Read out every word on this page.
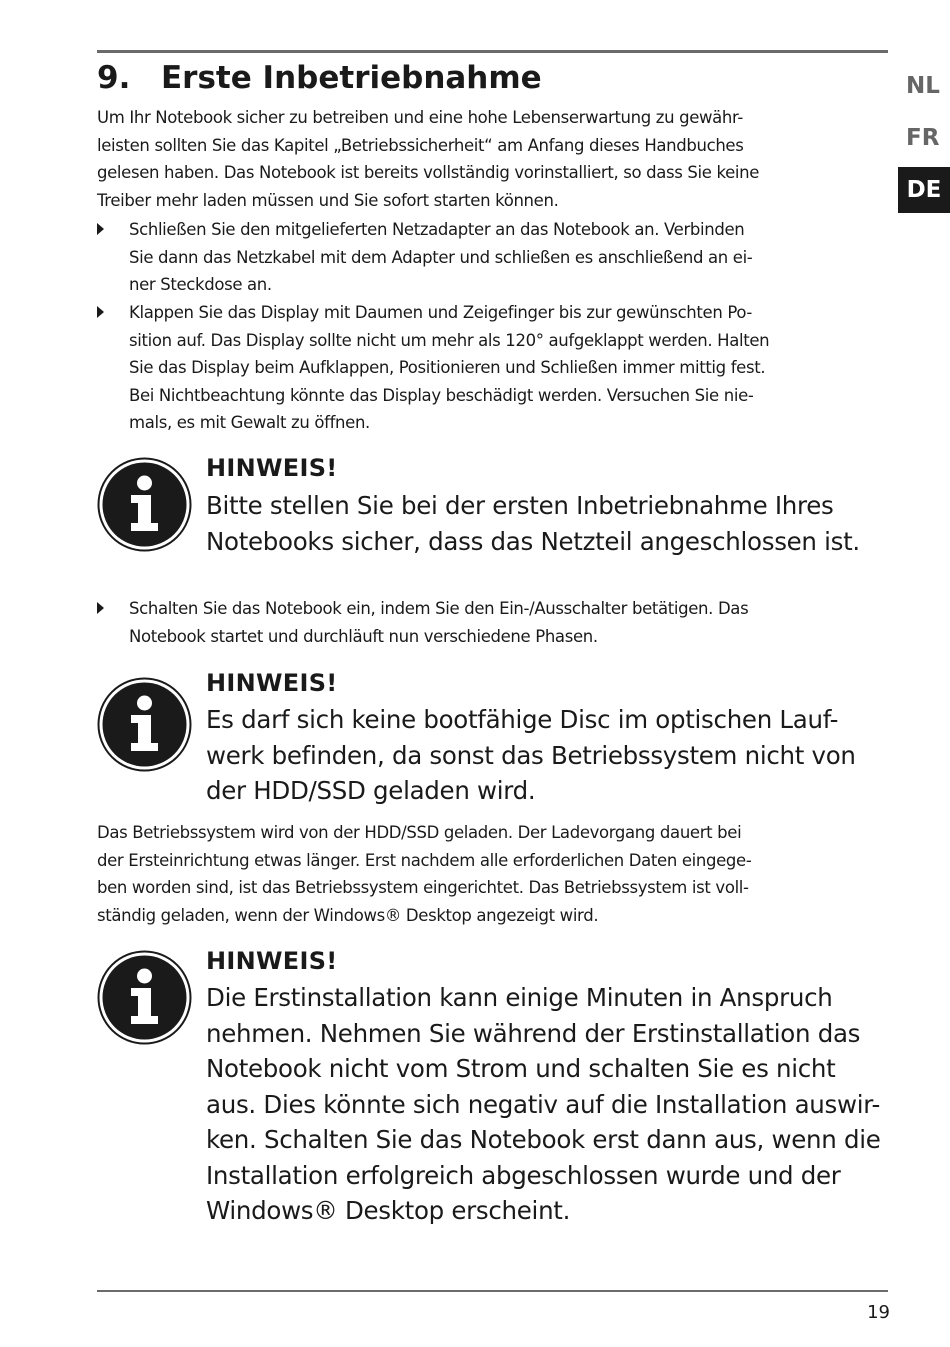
9. Erste Inbetriebnahme	NL
FR
DE

Um Ihr Notebook sicher zu betreiben und eine hohe Lebenserwartung zu gewähr-
leisten sollten Sie das Kapitel „Betriebssicherheit“ am Anfang dieses Handbuches
gelesen haben. Das Notebook ist bereits vollständig vorinstalliert, so dass Sie keine
Treiber mehr laden müssen und Sie sofort starten können.

Schließen Sie den mitgelieferten Netzadapter an das Notebook an. Verbinden
Sie dann das Netzkabel mit dem Adapter und schließen es anschließend an ei-
ner Steckdose an.

Klappen Sie das Display mit Daumen und Zeigefinger bis zur gewünschten Po-
sition auf. Das Display sollte nicht um mehr als 120° aufgeklappt werden. Halten
Sie das Display beim Aufklappen, Positionieren und Schließen immer mittig fest.
Bei Nichtbeachtung könnte das Display beschädigt werden. Versuchen Sie nie-
mals, es mit Gewalt zu öffnen.

HINWEIS!

Bitte stellen Sie bei der ersten Inbetriebnahme Ihres
Notebooks sicher, dass das Netzteil angeschlossen ist.

Schalten Sie das Notebook ein, indem Sie den Ein-/Ausschalter betätigen. Das
Notebook startet und durchläuft nun verschiedene Phasen.

HINWEIS!

Es darf sich keine bootfähige Disc im optischen Lauf-
werk befinden, da sonst das Betriebssystem nicht von
der HDD/SSD geladen wird.

Das Betriebssystem wird von der HDD/SSD geladen. Der Ladevorgang dauert bei
der Ersteinrichtung etwas länger. Erst nachdem alle erforderlichen Daten eingege-
ben worden sind, ist das Betriebssystem eingerichtet. Das Betriebssystem ist voll-
ständig geladen, wenn der Windows® Desktop angezeigt wird.

HINWEIS!

Die Erstinstallation kann einige Minuten in Anspruch
nehmen. Nehmen Sie während der Erstinstallation das
Notebook nicht vom Strom und schalten Sie es nicht
aus. Dies könnte sich negativ auf die Installation auswir-
ken. Schalten Sie das Notebook erst dann aus, wenn die
Installation erfolgreich abgeschlossen wurde und der
Windows® Desktop erscheint.

19
